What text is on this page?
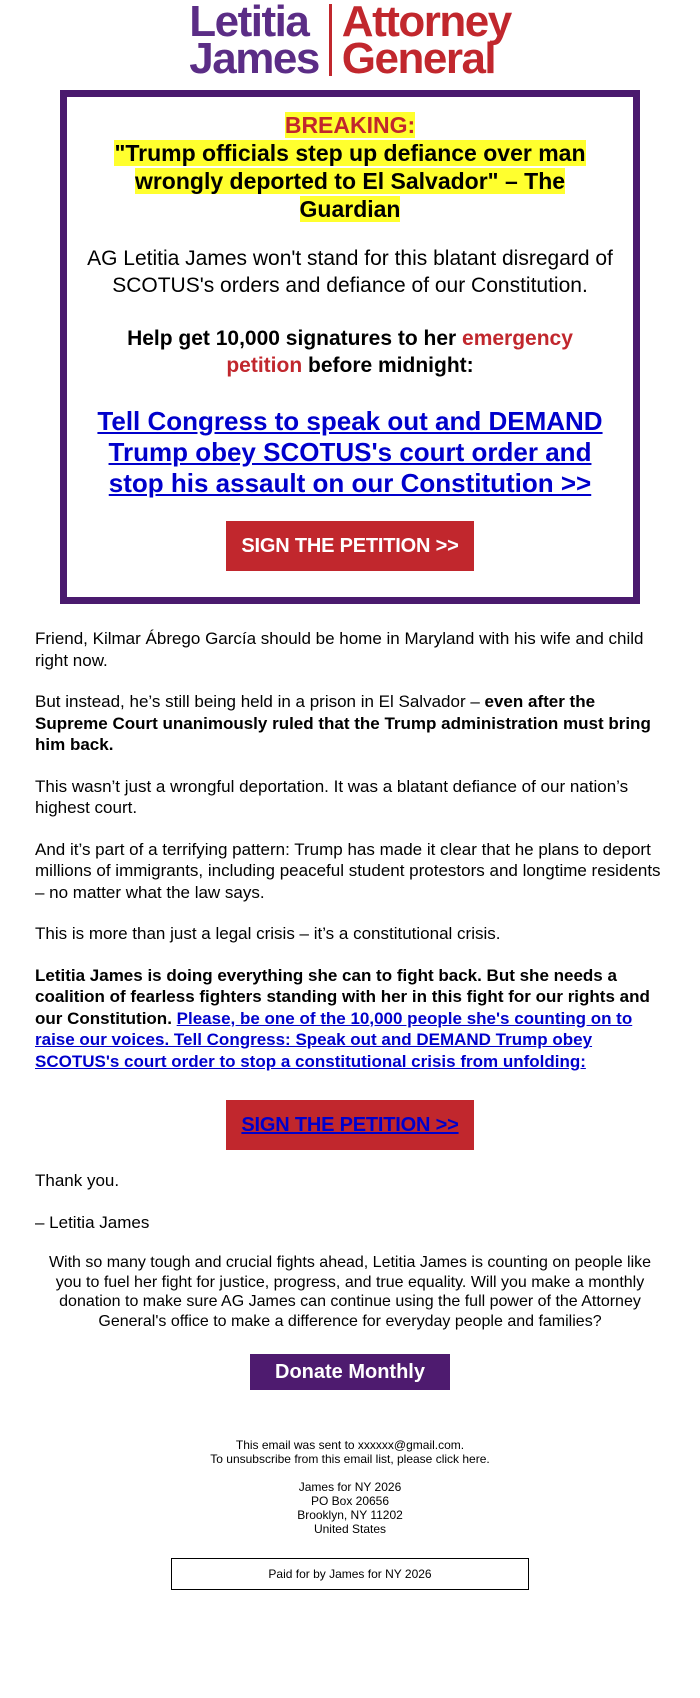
Letitia
James
Attorney
General
BREAKING:
"Trump officials step up defiance over man wrongly deported to El Salvador" – The Guardian

AG Letitia James won't stand for this blatant disregard of SCOTUS's orders and defiance of our Constitution.

Help get 10,000 signatures to her emergency petition before midnight:

Tell Congress to speak out and DEMAND Trump obey SCOTUS's court order and stop his assault on our Constitution >>
SIGN THE PETITION >>

Friend, Kilmar Ábrego García should be home in Maryland with his wife and child right now.

But instead, he’s still being held in a prison in El Salvador – even after the Supreme Court unanimously ruled that the Trump administration must bring him back.

This wasn’t just a wrongful deportation. It was a blatant defiance of our nation’s highest court.

And it’s part of a terrifying pattern: Trump has made it clear that he plans to deport millions of immigrants, including peaceful student protestors and longtime residents – no matter what the law says.

This is more than just a legal crisis – it’s a constitutional crisis.

Letitia James is doing everything she can to fight back. But she needs a coalition of fearless fighters standing with her in this fight for our rights and our Constitution. Please, be one of the 10,000 people she's counting on to raise our voices. Tell Congress: Speak out and DEMAND Trump obey SCOTUS's court order to stop a constitutional crisis from unfolding:

SIGN THE PETITION >>

Thank you.

– Letitia James

With so many tough and crucial fights ahead, Letitia James is counting on people like you to fuel her fight for justice, progress, and true equality. Will you make a monthly donation to make sure AG James can continue using the full power of the Attorney General's office to make a difference for everyday people and families?
Donate Monthly

This email was sent to xxxxxx@gmail.com.

To unsubscribe from this email list, please click here.

James for NY 2026

PO Box 20656

Brooklyn, NY 11202

United States

Paid for by James for NY 2026
